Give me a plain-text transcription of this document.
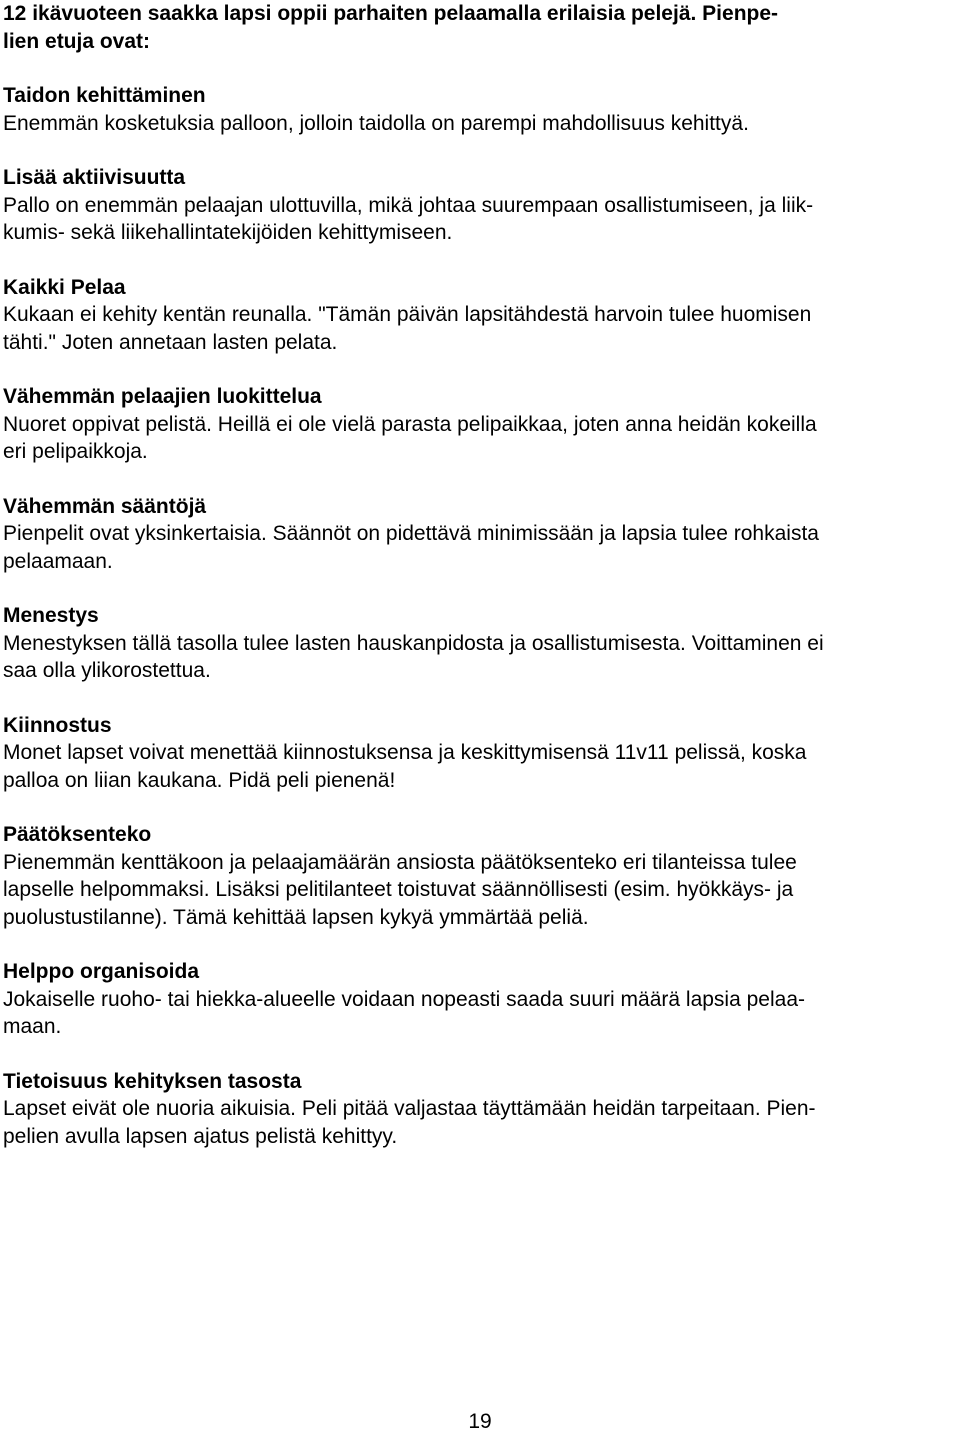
12 ikävuoteen saakka lapsi oppii parhaiten pelaamalla erilaisia pelejä. Pienpe-
lien etuja ovat:
Taidon kehittäminen
Enemmän kosketuksia palloon, jolloin taidolla on parempi mahdollisuus kehittyä.
Lisää aktiivisuutta
Pallo on enemmän pelaajan ulottuvilla, mikä johtaa suurempaan osallistumiseen, ja liik-
kumis- sekä liikehallintatekijöiden kehittymiseen.
Kaikki Pelaa
Kukaan ei kehity kentän reunalla. "Tämän päivän lapsitähdestä harvoin tulee huomisen
tähti." Joten annetaan lasten pelata.
Vähemmän pelaajien luokittelua
Nuoret oppivat pelistä. Heillä ei ole vielä parasta pelipaikkaa, joten anna heidän kokeilla
eri pelipaikkoja.
Vähemmän sääntöjä
Pienpelit ovat yksinkertaisia. Säännöt on pidettävä minimissään ja lapsia tulee rohkaista
pelaamaan.
Menestys
Menestyksen tällä tasolla tulee lasten hauskanpidosta ja osallistumisesta. Voittaminen ei
saa olla ylikorostettua.
Kiinnostus
Monet lapset voivat menettää kiinnostuksensa ja keskittymisensä 11v11 pelissä, koska
palloa on liian kaukana. Pidä peli pienenä!
Päätöksenteko
Pienemmän kenttäkoon ja pelaajamäärän ansiosta päätöksenteko eri tilanteissa tulee
lapselle helpommaksi. Lisäksi pelitilanteet toistuvat säännöllisesti (esim. hyökkäys- ja
puolustustilanne). Tämä kehittää lapsen kykyä ymmärtää peliä.
Helppo organisoida
Jokaiselle ruoho- tai hiekka-alueelle voidaan nopeasti saada suuri määrä lapsia pelaa-
maan.
Tietoisuus kehityksen tasosta
Lapset eivät ole nuoria aikuisia. Peli pitää valjastaa täyttämään heidän tarpeitaan. Pien-
pelien avulla lapsen ajatus pelistä kehittyy.
19
